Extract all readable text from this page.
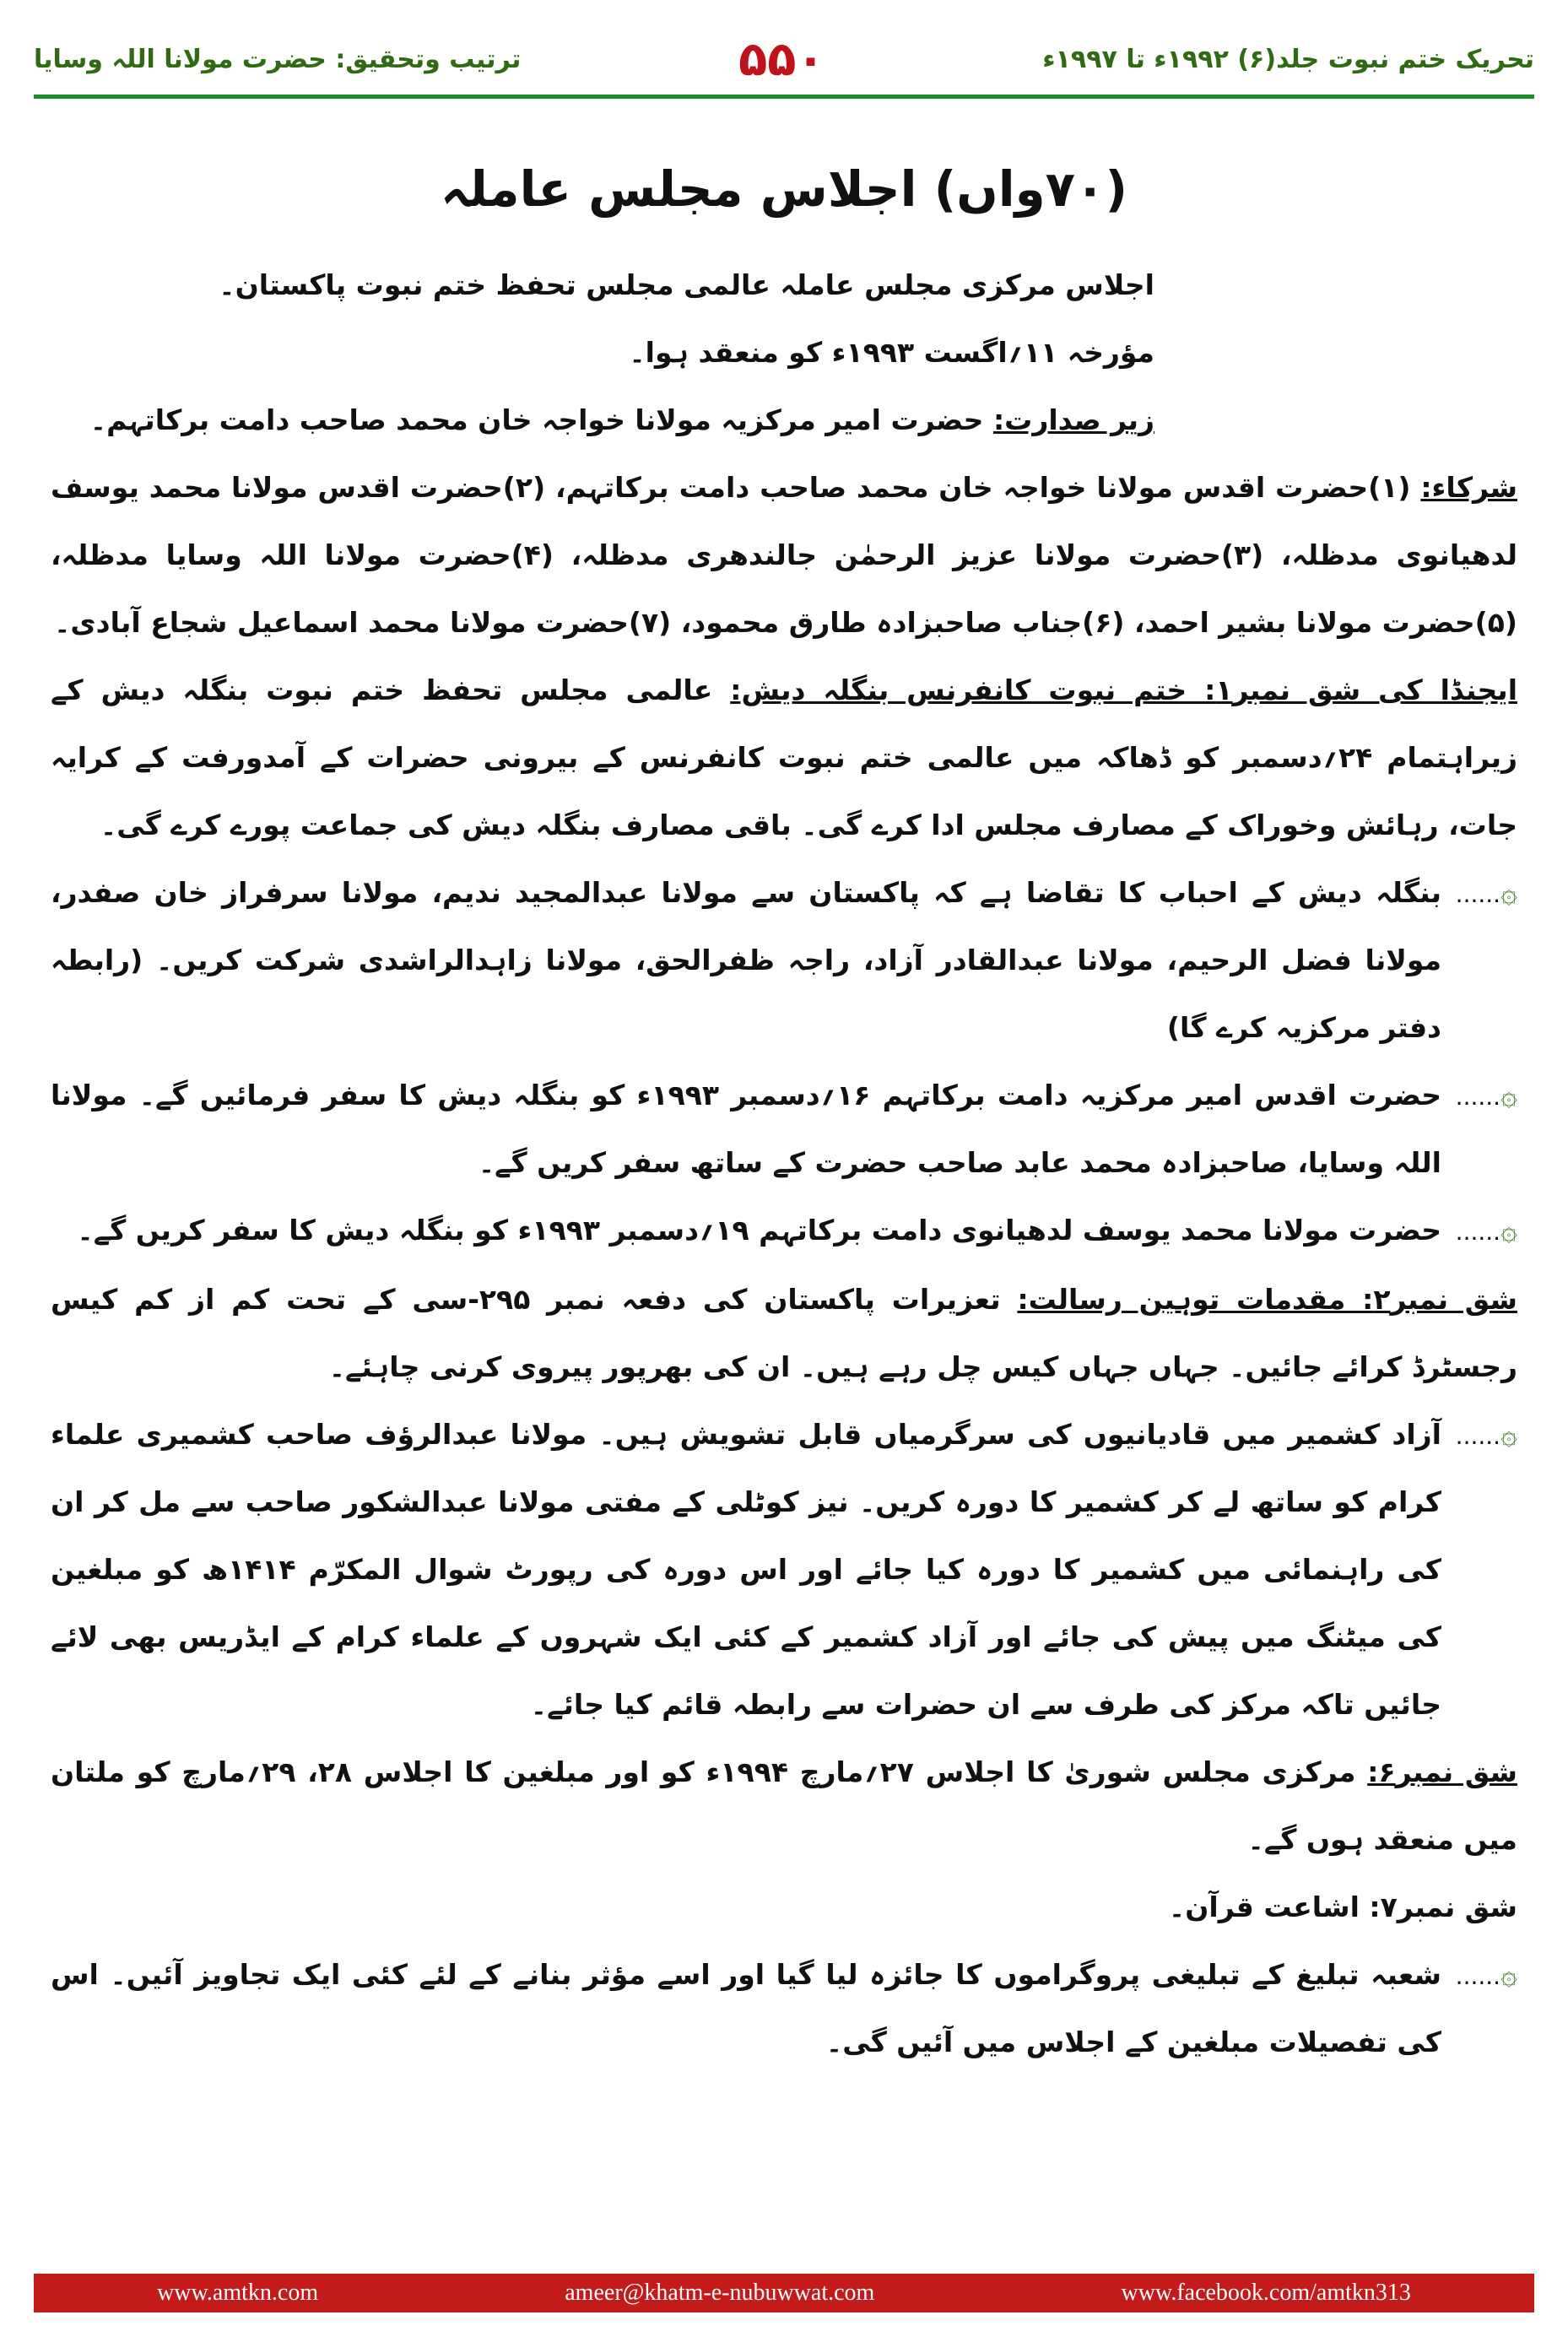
ترتیب وتحقیق: حضرت مولانا اللہ وسایا	۵۵۰	تحریک ختم نبوت جلد(۶) ۱۹۹۲ء تا ۱۹۹۷ء
(۷۰واں) اجلاس مجلس عاملہ

اجلاس مرکزی مجلس عاملہ عالمی مجلس تحفظ ختم نبوت پاکستان۔

مؤرخہ ۱۱؍اگست ۱۹۹۳ء کو منعقد ہوا۔

زیر صدارت: حضرت امیر مرکزیہ مولانا خواجہ خان محمد صاحب دامت برکاتہم۔

شرکاء: (۱)حضرت اقدس مولانا خواجہ خان محمد صاحب دامت برکاتہم، (۲)حضرت اقدس مولانا محمد یوسف لدھیانوی مدظلہ، (۳)حضرت مولانا عزیز الرحمٰن جالندھری مدظلہ، (۴)حضرت مولانا اللہ وسایا مدظلہ، (۵)حضرت مولانا بشیر احمد، (۶)جناب صاحبزادہ طارق محمود، (۷)حضرت مولانا محمد اسماعیل شجاع آبادی۔

ایجنڈا کی شق نمبر۱: ختم نبوت کانفرنس بنگلہ دیش: عالمی مجلس تحفظ ختم نبوت بنگلہ دیش کے زیراہتمام ۲۴؍دسمبر کو ڈھاکہ میں عالمی ختم نبوت کانفرنس کے بیرونی حضرات کے آمدورفت کے کرایہ جات، رہائش وخوراک کے مصارف مجلس ادا کرے گی۔ باقی مصارف بنگلہ دیش کی جماعت پورے کرے گی۔

۞......

بنگلہ دیش کے احباب کا تقاضا ہے کہ پاکستان سے مولانا عبدالمجید ندیم، مولانا سرفراز خان صفدر، مولانا فضل الرحیم، مولانا عبدالقادر آزاد، راجہ ظفرالحق، مولانا زاہدالراشدی شرکت کریں۔ (رابطہ دفتر مرکزیہ کرے گا)

۞......

حضرت اقدس امیر مرکزیہ دامت برکاتہم ۱۶؍دسمبر ۱۹۹۳ء کو بنگلہ دیش کا سفر فرمائیں گے۔ مولانا اللہ وسایا، صاحبزادہ محمد عابد صاحب حضرت کے ساتھ سفر کریں گے۔

۞......

حضرت مولانا محمد یوسف لدھیانوی دامت برکاتہم ۱۹؍دسمبر ۱۹۹۳ء کو بنگلہ دیش کا سفر کریں گے۔

شق نمبر۲: مقدمات توہین رسالت: تعزیرات پاکستان کی دفعہ نمبر ۲۹۵-سی کے تحت کم از کم کیس رجسٹرڈ کرائے جائیں۔ جہاں جہاں کیس چل رہے ہیں۔ ان کی بھرپور پیروی کرنی چاہئے۔

۞......

آزاد کشمیر میں قادیانیوں کی سرگرمیاں قابل تشویش ہیں۔ مولانا عبدالرؤف صاحب کشمیری علماء کرام کو ساتھ لے کر کشمیر کا دورہ کریں۔ نیز کوٹلی کے مفتی مولانا عبدالشکور صاحب سے مل کر ان کی راہنمائی میں کشمیر کا دورہ کیا جائے اور اس دورہ کی رپورٹ شوال المکرّم ۱۴۱۴ھ کو مبلغین کی میٹنگ میں پیش کی جائے اور آزاد کشمیر کے کئی ایک شہروں کے علماء کرام کے ایڈریس بھی لائے جائیں تاکہ مرکز کی طرف سے ان حضرات سے رابطہ قائم کیا جائے۔

شق نمبر۶: مرکزی مجلس شوریٰ کا اجلاس ۲۷؍مارچ ۱۹۹۴ء کو اور مبلغین کا اجلاس ۲۸، ۲۹؍مارچ کو ملتان میں منعقد ہوں گے۔

شق نمبر۷: اشاعت قرآن۔

۞......

شعبہ تبلیغ کے تبلیغی پروگراموں کا جائزہ لیا گیا اور اسے مؤثر بنانے کے لئے کئی ایک تجاویز آئیں۔ اس کی تفصیلات مبلغین کے اجلاس میں آئیں گی۔

www.amtkn.com	ameer@khatm-e-nubuwwat.com	www.facebook.com/amtkn313
